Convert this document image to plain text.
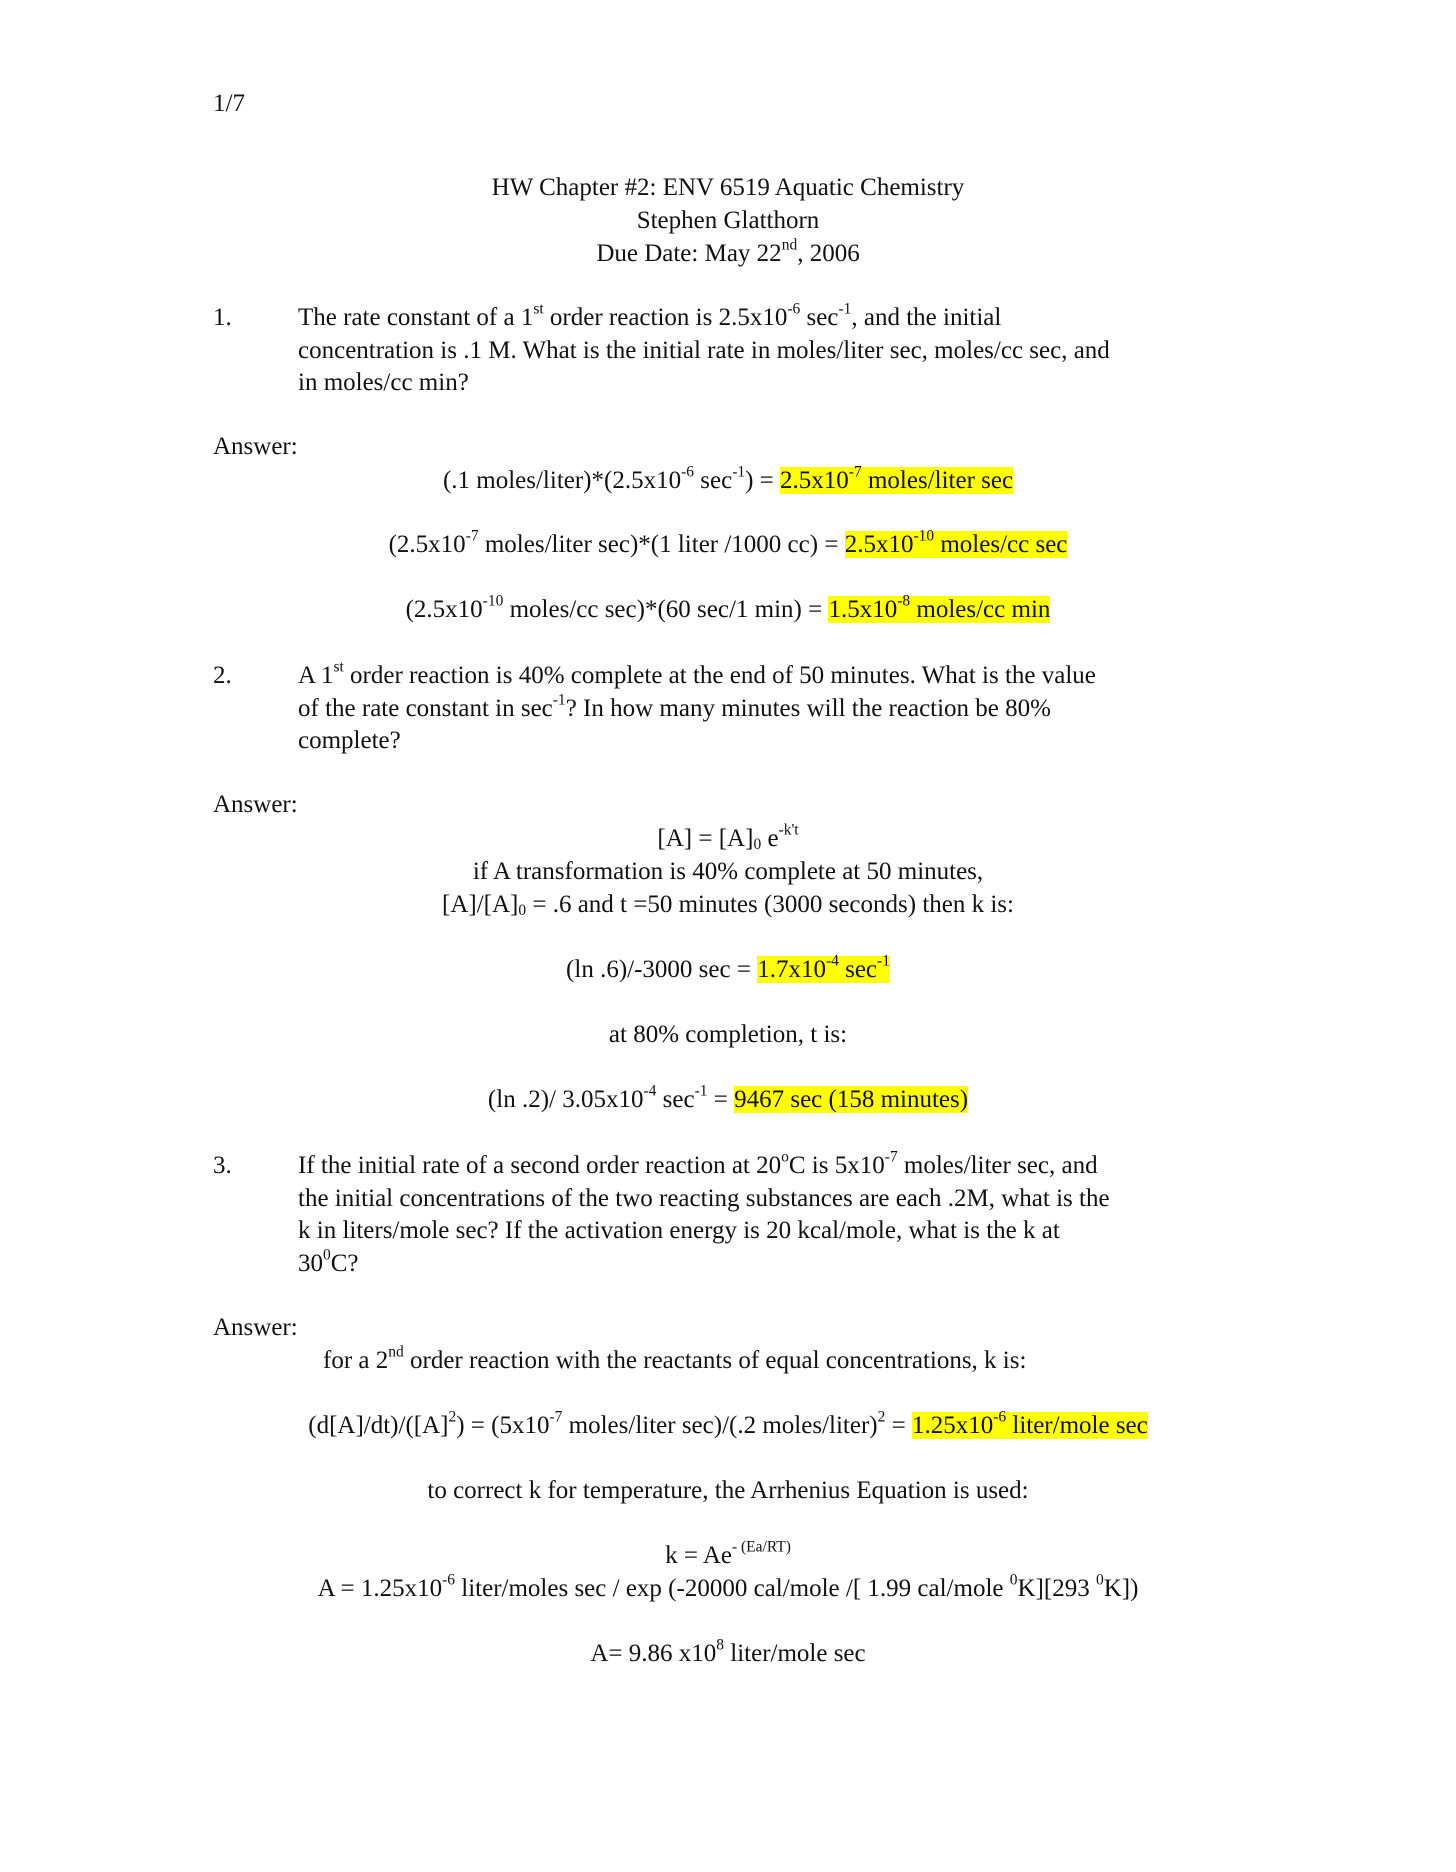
1/7
HW Chapter #2: ENV 6519 Aquatic Chemistry
Stephen Glatthorn
Due Date: May 22nd, 2006
1.	The rate constant of a 1st order reaction is $2.5x10^{-6}$ $\sec^{-1}$, and the initial
concentration is .1 M. What is the initial rate in moles/liter sec, moles/cc sec, and
in moles/cc min?
Answer:
(.1 moles/$liter)*(2.5x10^{-6}$ $\sec^{-1}) = 2.5x10^{-7}$ moles/liter sec
($2.5x10^{-7}$ moles/liter sec)*(1 liter /1000 $cc) = 2.5x10^{-10}$ moles/cc sec
($2.5x10^{-10}$ moles/cc sec)*(60 sec/1 $\min) = 1.5x10^{-8}$ moles/cc min
2.	A 1st order reaction is 40% complete at the end of 50 minutes. What is the value
of the rate constant in $\sec^{-1}$? In how many minutes will the reaction be 80%
complete?
Answer:
$[A] = [A]_0$ $e^{-k't}$
if A transformation is 40% complete at 50 minutes,
$[A]/[A]_0 = .6$ and t =50 minutes (3000 seconds) then k is:
(ln .6)/-3000 $\sec = 1.7x10^{-4}$ $\sec^{-1}$
at 80% completion, t is:
(ln .2)/ $3.05x10^{-4}$ $\sec^{-1} = 9467$ sec (158 minutes)
3.	If the initial rate of a second order reaction at 20$^o$C is $5x10^{-7}$ moles/liter sec, and
the initial concentrations of the two reacting substances are each .2M, what is the
k in liters/mole sec? If the activation energy is 20 kcal/mole, what is the k at
$30^0C$?
Answer:
for a 2nd order reaction with the reactants of equal concentrations, k is:
$(d[A]/dt)/([A]^2) = (5x10^{-7}$ moles/liter sec)/(.2 moles/liter)$^2$ = $1.25x10^{-6}$ liter/mole sec
to correct k for temperature, the Arrhenius Equation is used:
$k = Ae^{- (Ea/RT)}$
$A = 1.25x10^{-6}$ liter/moles sec / exp (-20000 cal/mole /[ 1.99 cal/mole $^0$K][293 $^0$K])
A= 9.86 $x10^8$ liter/mole sec
